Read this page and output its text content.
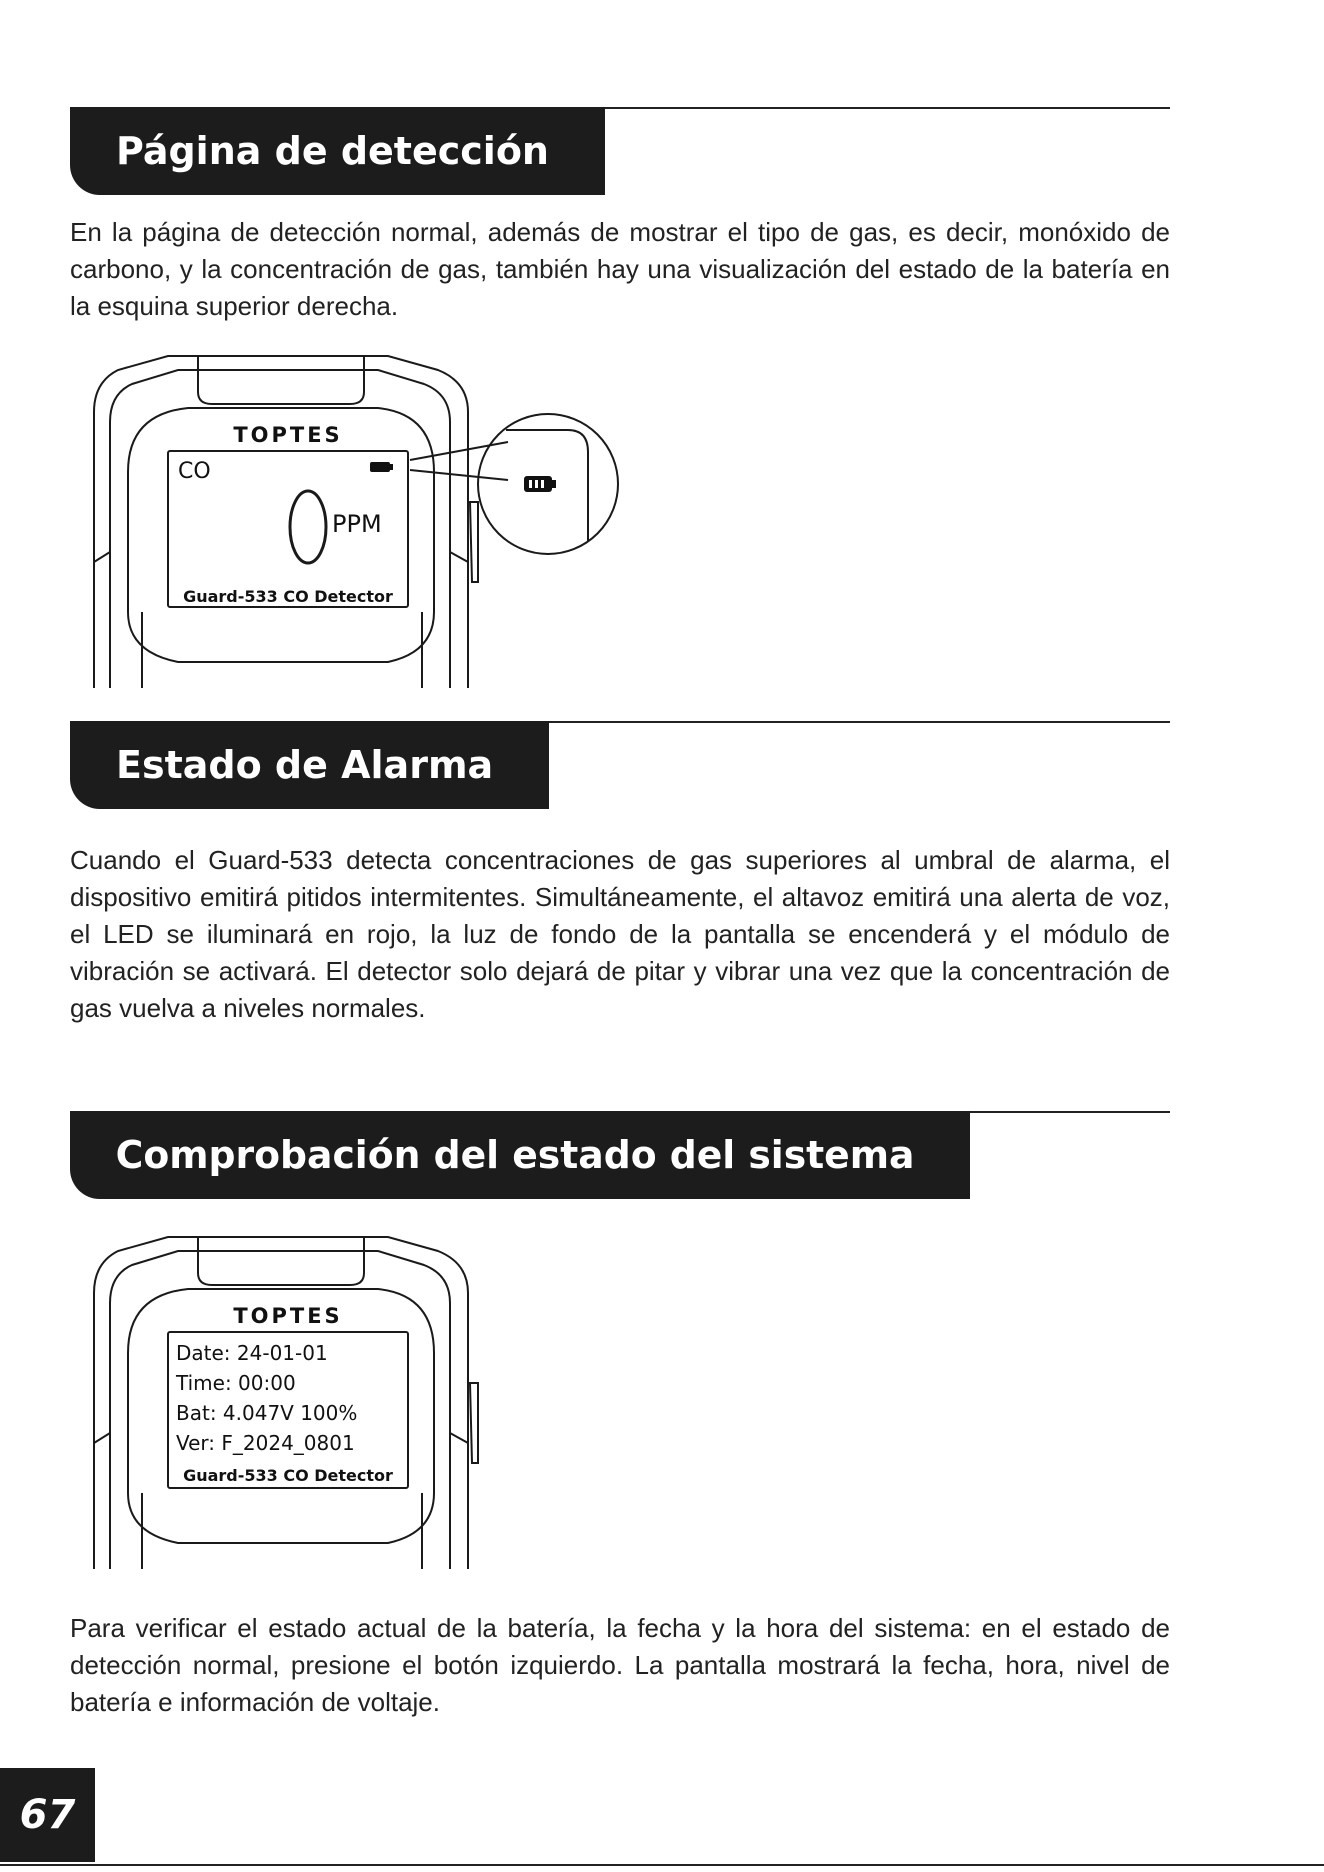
Página de detección
En la página de detección normal, además de mostrar el tipo de gas, es decir, monóxido de carbono, y la concentración de gas, también hay una visualización del estado de la batería en la esquina superior derecha.
TOPTES
CO
PPM
Guard-533 CO Detector
Estado de Alarma
Cuando el Guard-533 detecta concentraciones de gas superiores al umbral de alarma, el dispositivo emitirá pitidos intermitentes. Simultáneamente, el altavoz emitirá una alerta de voz, el LED se iluminará en rojo, la luz de fondo de la pantalla se encenderá y el módulo de vibración se activará. El detector solo dejará de pitar y vibrar una vez que la concentración de gas vuelva a niveles normales.
Comprobación del estado del sistema
TOPTES
Date: 24-01-01
Time: 00:00
Bat: 4.047V 100%
Ver: F_2024_0801
Guard-533 CO Detector
Para verificar el estado actual de la batería, la fecha y la hora del sistema: en el estado de detección normal, presione el botón izquierdo. La pantalla mostrará la fecha, hora, nivel de batería e información de voltaje.
67
